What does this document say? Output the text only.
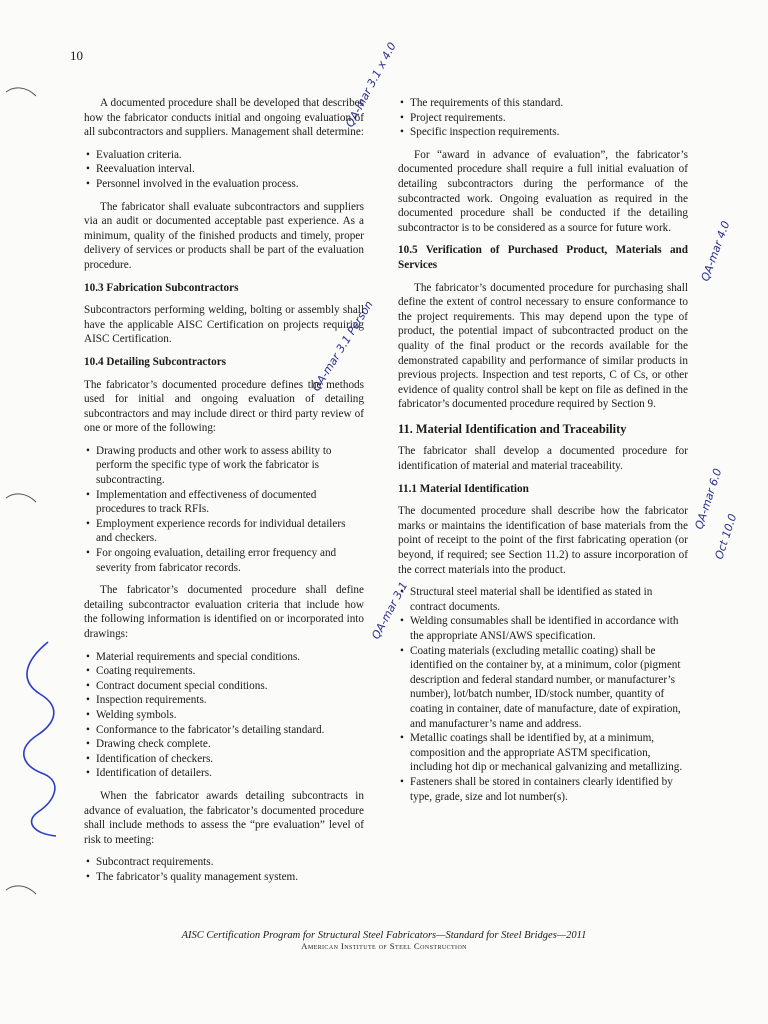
10

A documented procedure shall be developed that describes how the fabricator conducts initial and ongoing evaluation of all subcontractors and suppliers. Management shall determine:

• Evaluation criteria.
• Reevaluation interval.
• Personnel involved in the evaluation process.

The fabricator shall evaluate subcontractors and suppliers via an audit or documented acceptable past experience. As a minimum, quality of the finished products and timely, proper delivery of services or products shall be part of the evaluation procedure.

10.3 Fabrication Subcontractors

Subcontractors performing welding, bolting or assembly shall have the applicable AISC Certification on projects requiring AISC Certification.

10.4 Detailing Subcontractors

The fabricator’s documented procedure defines the methods used for initial and ongoing evaluation of detailing subcontractors and may include direct or third party review of one or more of the following:

• Drawing products and other work to assess ability to perform the specific type of work the fabricator is subcontracting.
• Implementation and effectiveness of documented procedures to track RFIs.
• Employment experience records for individual detailers and checkers.
• For ongoing evaluation, detailing error frequency and severity from fabricator records.

The fabricator’s documented procedure shall define detailing subcontractor evaluation criteria that include how the following information is identified on or incorporated into drawings:

• Material requirements and special conditions.
• Coating requirements.
• Contract document special conditions.
• Inspection requirements.
• Welding symbols.
• Conformance to the fabricator’s detailing standard.
• Drawing check complete.
• Identification of checkers.
• Identification of detailers.

When the fabricator awards detailing subcontracts in advance of evaluation, the fabricator’s documented procedure shall include methods to assess the “pre evaluation” level of risk to meeting:

• Subcontract requirements.
• The fabricator’s quality management system.
• The requirements of this standard.
• Project requirements.
• Specific inspection requirements.

For “award in advance of evaluation”, the fabricator’s documented procedure shall require a full initial evaluation of detailing subcontractors during the performance of the subcontracted work. Ongoing evaluation as required in the documented procedure shall be conducted if the detailing subcontractor is to be considered as a source for future work.

10.5 Verification of Purchased Product, Materials and Services

The fabricator’s documented procedure for purchasing shall define the extent of control necessary to ensure conformance to the project requirements. This may depend upon the type of product, the potential impact of subcontracted product on the quality of the final product or the records available for the demonstrated capability and performance of similar products in previous projects. Inspection and test reports, C of Cs, or other evidence of quality control shall be kept on file as defined in the fabricator’s documented procedure required by Section 9.

11. Material Identification and Traceability

The fabricator shall develop a documented procedure for identification of material and material traceability.

11.1 Material Identification

The documented procedure shall describe how the fabricator marks or maintains the identification of base materials from the point of receipt to the point of the first fabricating operation (or beyond, if required; see Section 11.2) to assure incorporation of the correct materials into the product.

• Structural steel material shall be identified as stated in contract documents.
• Welding consumables shall be identified in accordance with the appropriate ANSI/AWS specification.
• Coating materials (excluding metallic coating) shall be identified on the container by, at a minimum, color (pigment description and federal standard number, or manufacturer’s number), lot/batch number, ID/stock number, quantity of coating in container, date of manufacture, date of expiration, and manufacturer’s name and address.
• Metallic coatings shall be identified by, at a minimum, composition and the appropriate ASTM specification, including hot dip or mechanical galvanizing and metallizing.
• Fasteners shall be stored in containers clearly identified by type, grade, size and lot number(s).
AISC Certification Program for Structural Steel Fabricators—Standard for Steel Bridges—2011
American Institute of Steel Construction
QA-mar 3.1 x 4.0
QA-mar 3.1 Person
QA-mar 3.1
QA-mar 4.0
QA-mar 6.0
Oct 10.0
